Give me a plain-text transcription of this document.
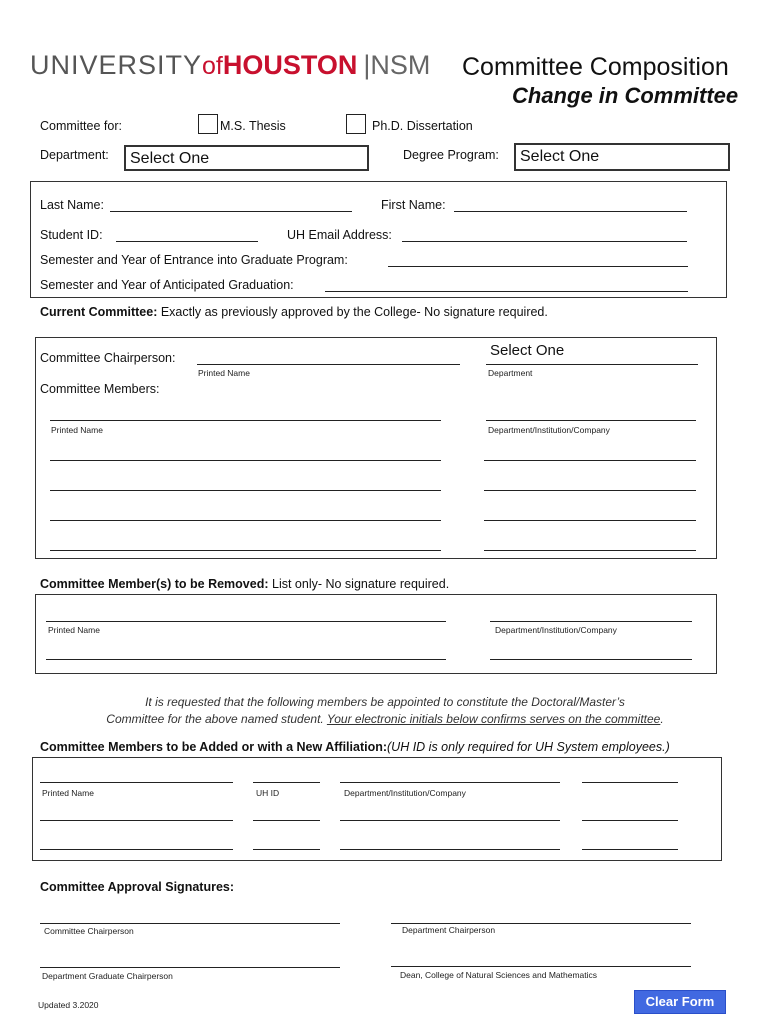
UNIVERSITYofHOUSTON |NSM Committee Composition
Change in Committee
Committee for:	M.S. Thesis	Ph.D. Dissertation
Department:	Select One	Degree Program:	Select One
Last Name:	First Name:
Student ID:	UH Email Address:
Semester and Year of Entrance into Graduate Program:
Semester and Year of Anticipated Graduation:
Current Committee: Exactly as previously approved by the College- No signature required.
Committee Chairperson:
Printed Name
Select One
Department
Committee Members:
Printed Name	Department/Institution/Company
Committee Member(s) to be Removed: List only- No signature required.
Printed Name	Department/Institution/Company
It is requested that the following members be appointed to constitute the Doctoral/Master’s
Committee for the above named student. Your electronic initials below confirms serves on the committee.
Committee Members to be Added or with a New Affiliation:(UH ID is only required for UH System employees.)
Printed Name	UH ID	Department/Institution/Company
Committee Approval Signatures:
Committee Chairperson	Department Chairperson
Department Graduate Chairperson	Dean, College of Natural Sciences and Mathematics
Updated 3.2020	Clear Form
